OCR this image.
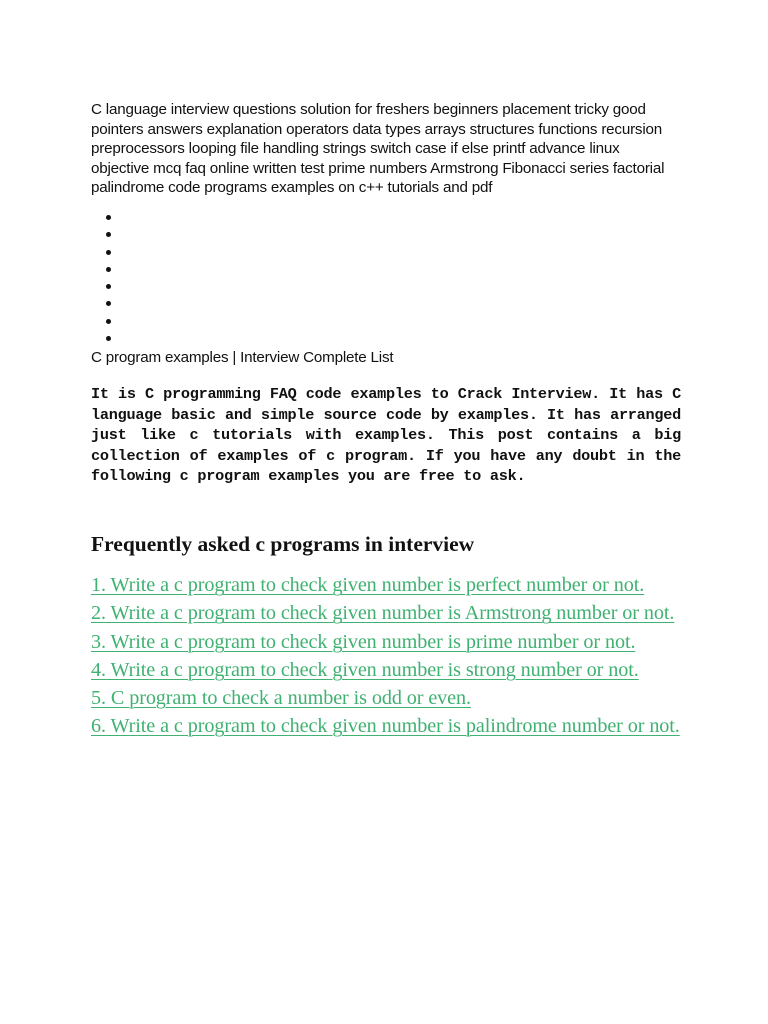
C language interview questions solution for freshers beginners placement tricky good pointers answers explanation operators data types arrays structures functions recursion preprocessors looping file handling strings switch case if else printf advance linux objective mcq faq online written test prime numbers Armstrong Fibonacci series factorial palindrome code programs examples on c++ tutorials and pdf

C program examples | Interview Complete List

It is C programming FAQ code examples to Crack Interview. It has C language basic and simple source code by examples. It has arranged just like c tutorials with examples. This post contains a big collection of examples of c program. If you have any doubt in the following c program examples you are free to ask.

Frequently asked c programs in interview
1. Write a c program to check given number is perfect number or not.
2. Write a c program to check given number is Armstrong number or not.
3. Write a c program to check given number is prime number or not.
4. Write a c program to check given number is strong number or not.
5. C program to check a number is odd or even.
6. Write a c program to check given number is palindrome number or not.
